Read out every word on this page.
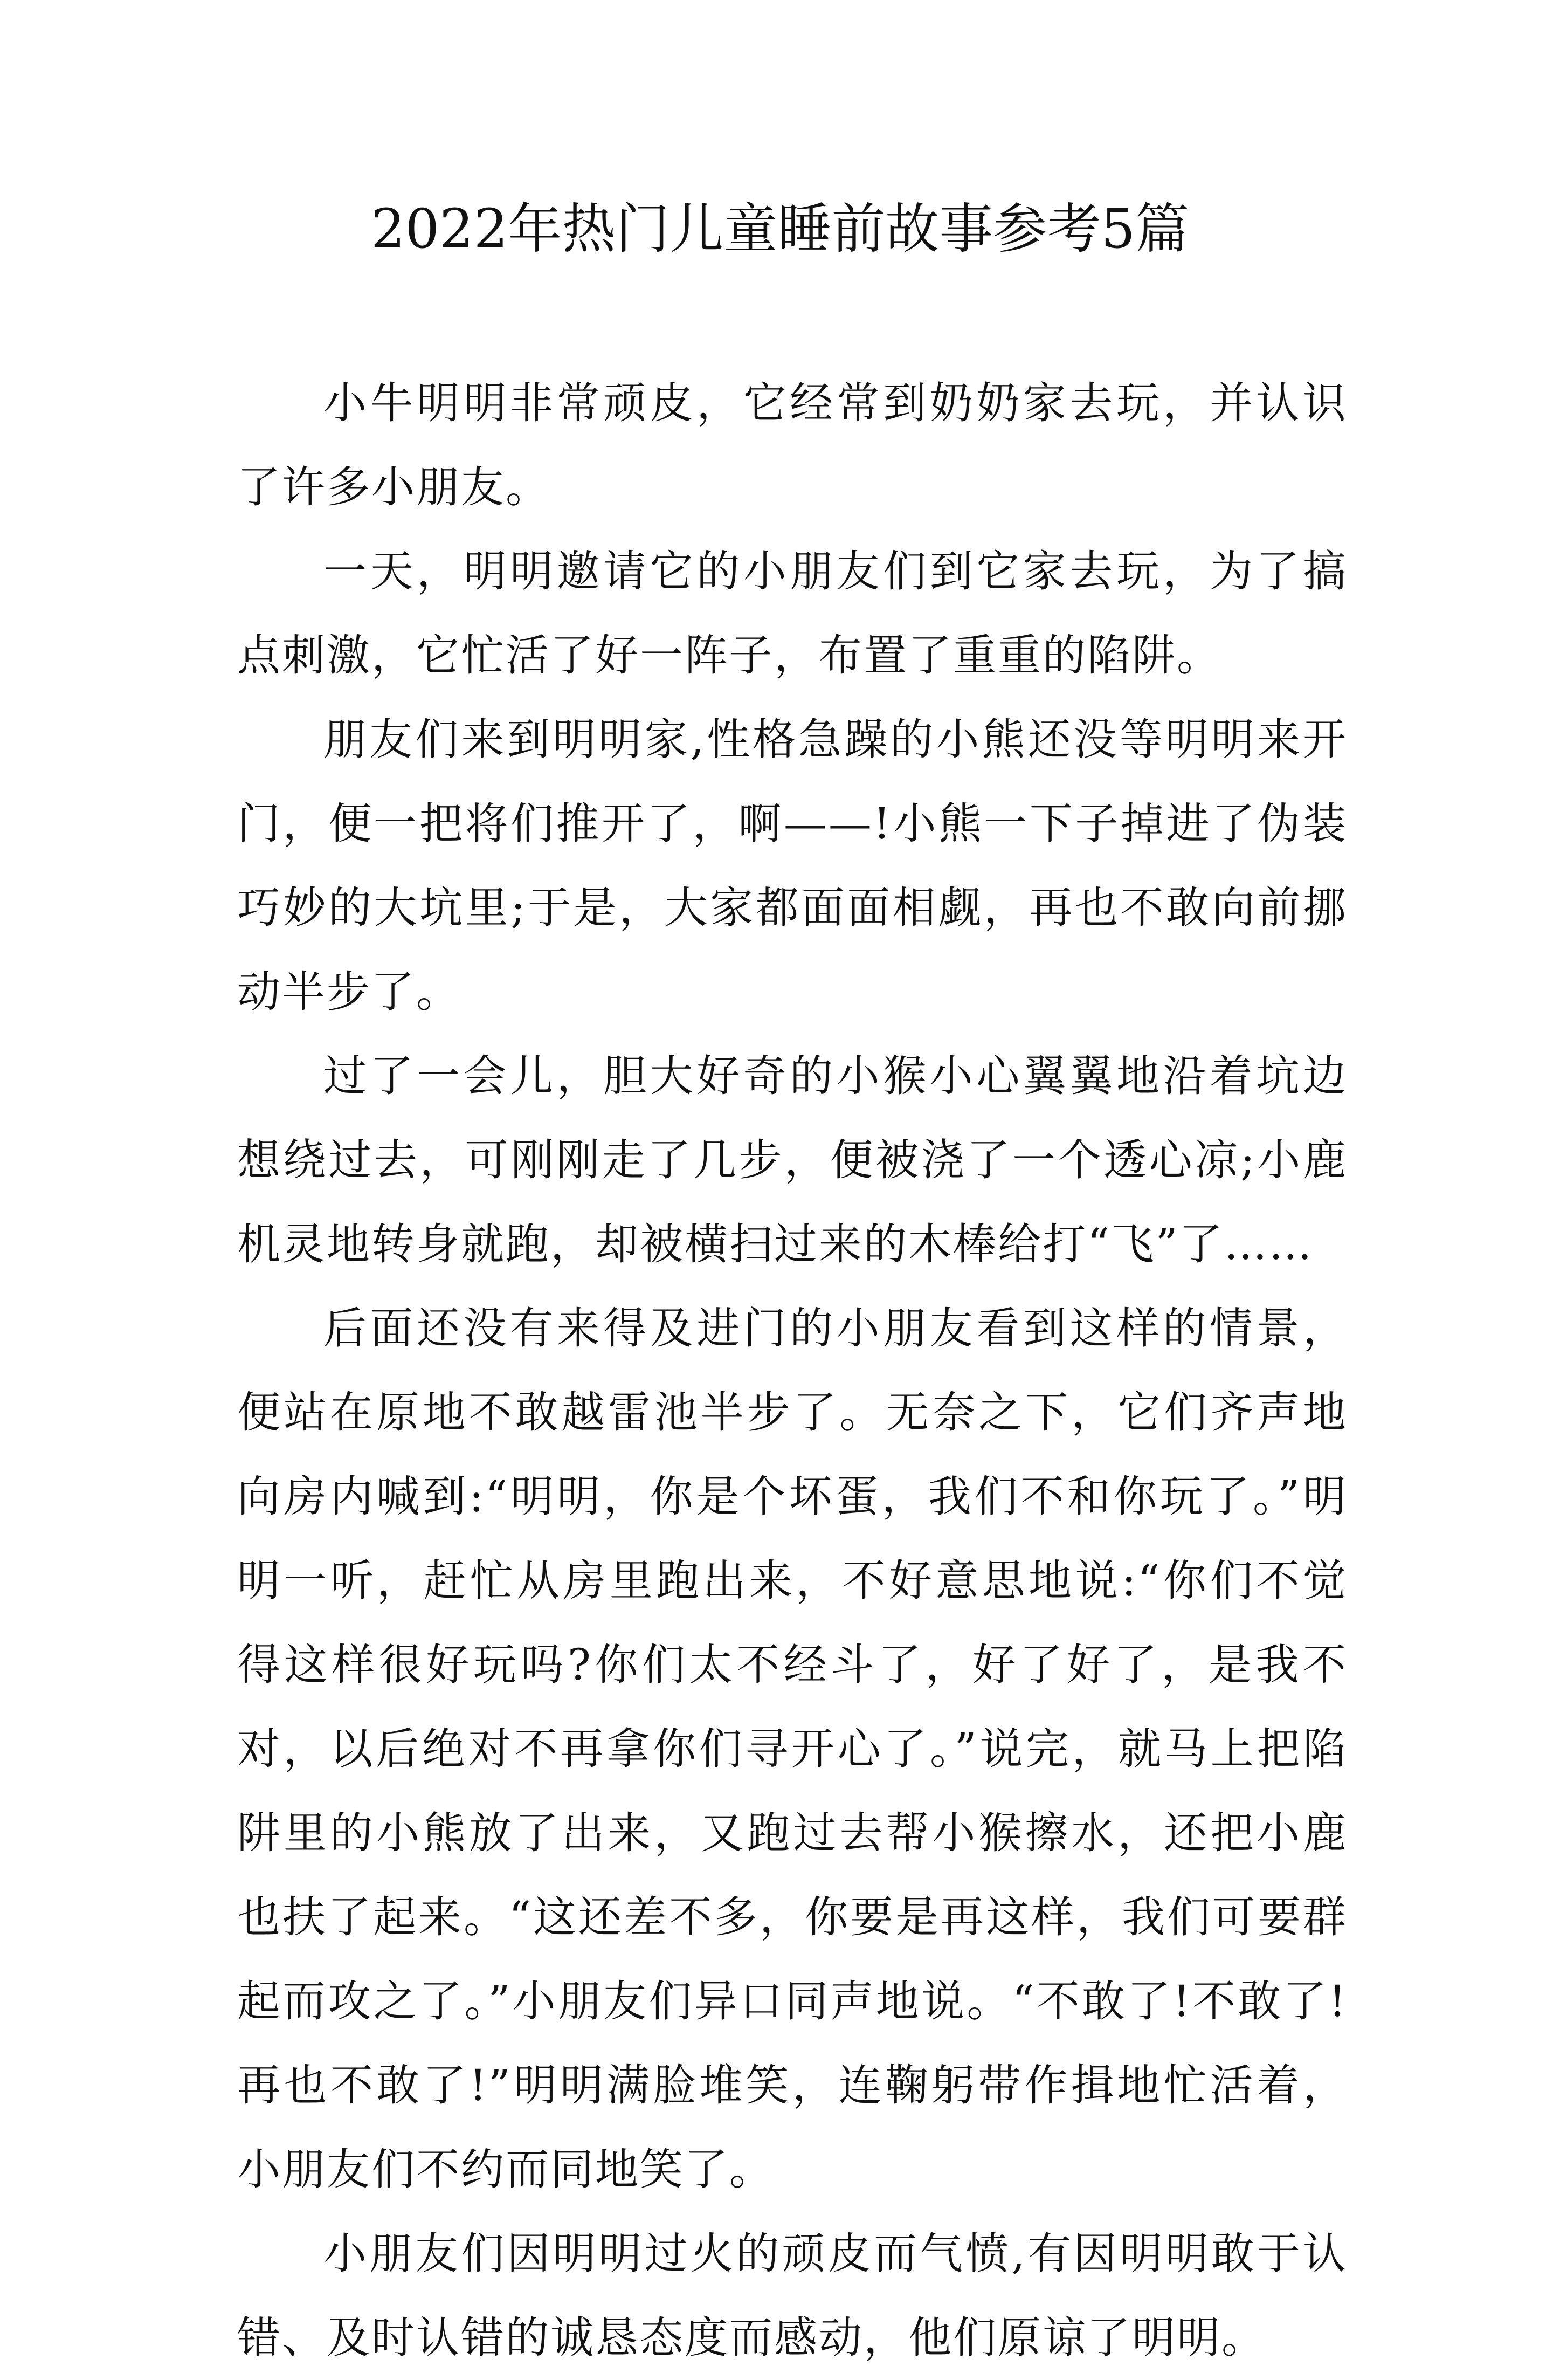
2022年热门儿童睡前故事参考5篇

小牛明明非常顽皮，它经常到奶奶家去玩，并认识了许多小朋友。

一天，明明邀请它的小朋友们到它家去玩，为了搞点刺激，它忙活了好一阵子，布置了重重的陷阱。

朋友们来到明明家,性格急躁的小熊还没等明明来开门，便一把将们推开了，啊——!小熊一下子掉进了伪装巧妙的大坑里;于是，大家都面面相觑，再也不敢向前挪动半步了。

过了一会儿，胆大好奇的小猴小心翼翼地沿着坑边想绕过去，可刚刚走了几步，便被浇了一个透心凉;小鹿机灵地转身就跑，却被横扫过来的木棒给打“飞”了……

后面还没有来得及进门的小朋友看到这样的情景，便站在原地不敢越雷池半步了。无奈之下，它们齐声地向房内喊到:“明明，你是个坏蛋，我们不和你玩了。”明明一听，赶忙从房里跑出来，不好意思地说:“你们不觉得这样很好玩吗?你们太不经斗了，好了好了，是我不对，以后绝对不再拿你们寻开心了。”说完，就马上把陷阱里的小熊放了出来，又跑过去帮小猴擦水，还把小鹿也扶了起来。“这还差不多，你要是再这样，我们可要群起而攻之了。”小朋友们异口同声地说。“不敢了!不敢了!再也不敢了!”明明满脸堆笑，连鞠躬带作揖地忙活着，小朋友们不约而同地笑了。

小朋友们因明明过火的顽皮而气愤,有因明明敢于认错、及时认错的诚恳态度而感动，他们原谅了明明。
